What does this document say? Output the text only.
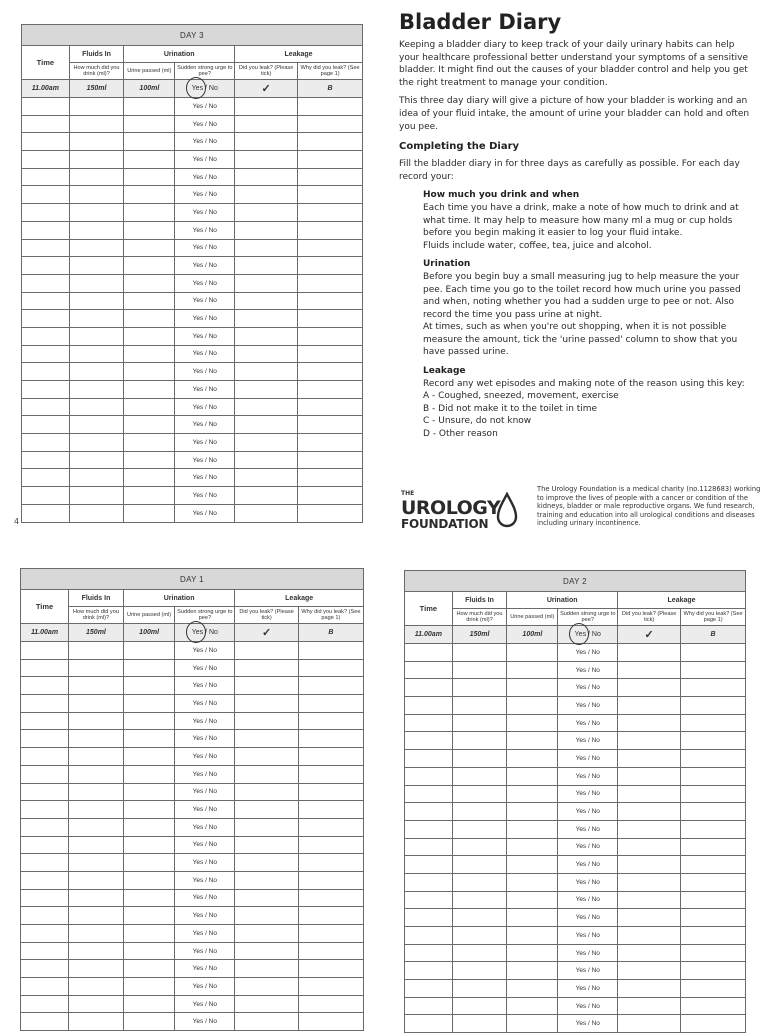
DAY 3					
Time	Fluids In	Urination		Leakage	
	How much did you drink (ml)?	Urine passed (ml)	Sudden strong urge to pee?	Did you leak? (Please tick)	Why did you leak? (See page 1)
11.00am	150ml	100ml	Yes / No	✓	B
			Yes / No		
			Yes / No		
			Yes / No		
			Yes / No		
			Yes / No		
			Yes / No		
			Yes / No		
			Yes / No		
			Yes / No		
			Yes / No		
			Yes / No		
			Yes / No		
			Yes / No		
			Yes / No		
			Yes / No		
			Yes / No		
			Yes / No		
			Yes / No		
			Yes / No		
			Yes / No		
			Yes / No		
			Yes / No		
			Yes / No		
			Yes / No		
DAY 1					
Time	Fluids In	Urination		Leakage	
	How much did you drink (ml)?	Urine passed (ml)	Sudden strong urge to pee?	Did you leak? (Please tick)	Why did you leak? (See page 1)
11.00am	150ml	100ml	Yes / No	✓	B
			Yes / No		
			Yes / No		
			Yes / No		
			Yes / No		
			Yes / No		
			Yes / No		
			Yes / No		
			Yes / No		
			Yes / No		
			Yes / No		
			Yes / No		
			Yes / No		
			Yes / No		
			Yes / No		
			Yes / No		
			Yes / No		
			Yes / No		
			Yes / No		
			Yes / No		
			Yes / No		
			Yes / No		
			Yes / No		
DAY 2					
Time	Fluids In	Urination		Leakage	
	How much did you drink (ml)?	Urine passed (ml)	Sudden strong urge to pee?	Did you leak? (Please tick)	Why did you leak? (See page 1)
11.00am	150ml	100ml	Yes / No	✓	B
			Yes / No		
			Yes / No		
			Yes / No		
			Yes / No		
			Yes / No		
			Yes / No		
			Yes / No		
			Yes / No		
			Yes / No		
			Yes / No		
			Yes / No		
			Yes / No		
			Yes / No		
			Yes / No		
			Yes / No		
			Yes / No		
			Yes / No		
			Yes / No		
			Yes / No		
			Yes / No		
			Yes / No		
			Yes / No		
4
Bladder Diary

Keeping a bladder diary to keep track of your daily urinary habits can help your healthcare professional better understand your symptoms of a sensitive bladder. It might find out the causes of your bladder control and help you get the right treatment to manage your condition.

This three day diary will give a picture of how your bladder is working and an idea of your fluid intake, the amount of urine your bladder can hold and often you pee.

Completing the Diary

Fill the bladder diary in for three days as carefully as possible. For each day record your:

How much you drink and when
Each time you have a drink, make a note of how much to drink and at what time. It may help to measure how many ml a mug or cup holds before you begin making it easier to log your fluid intake.
Fluids include water, coffee, tea, juice and alcohol.
Urination
Before you begin buy a small measuring jug to help measure the your pee. Each time you go to the toilet record how much urine you passed and when, noting whether you had a sudden urge to pee or not. Also record the time you pass urine at night.
At times, such as when you're out shopping, when it is not possible measure the amount, tick the 'urine passed' column to show that you have passed urine.
Leakage
Record any wet episodes and making note of the reason using this key:
A - Coughed, sneezed, movement, exercise
B - Did not make it to the toilet in time
C - Unsure, do not know
D - Other reason
THE
UROLOGY
FOUNDATION
The Urology Foundation is a medical charity (no.1128683) working to improve the lives of people with a cancer or condition of the kidneys, bladder or male reproductive organs. We fund research, training and education into all urological conditions and diseases including urinary incontinence.
